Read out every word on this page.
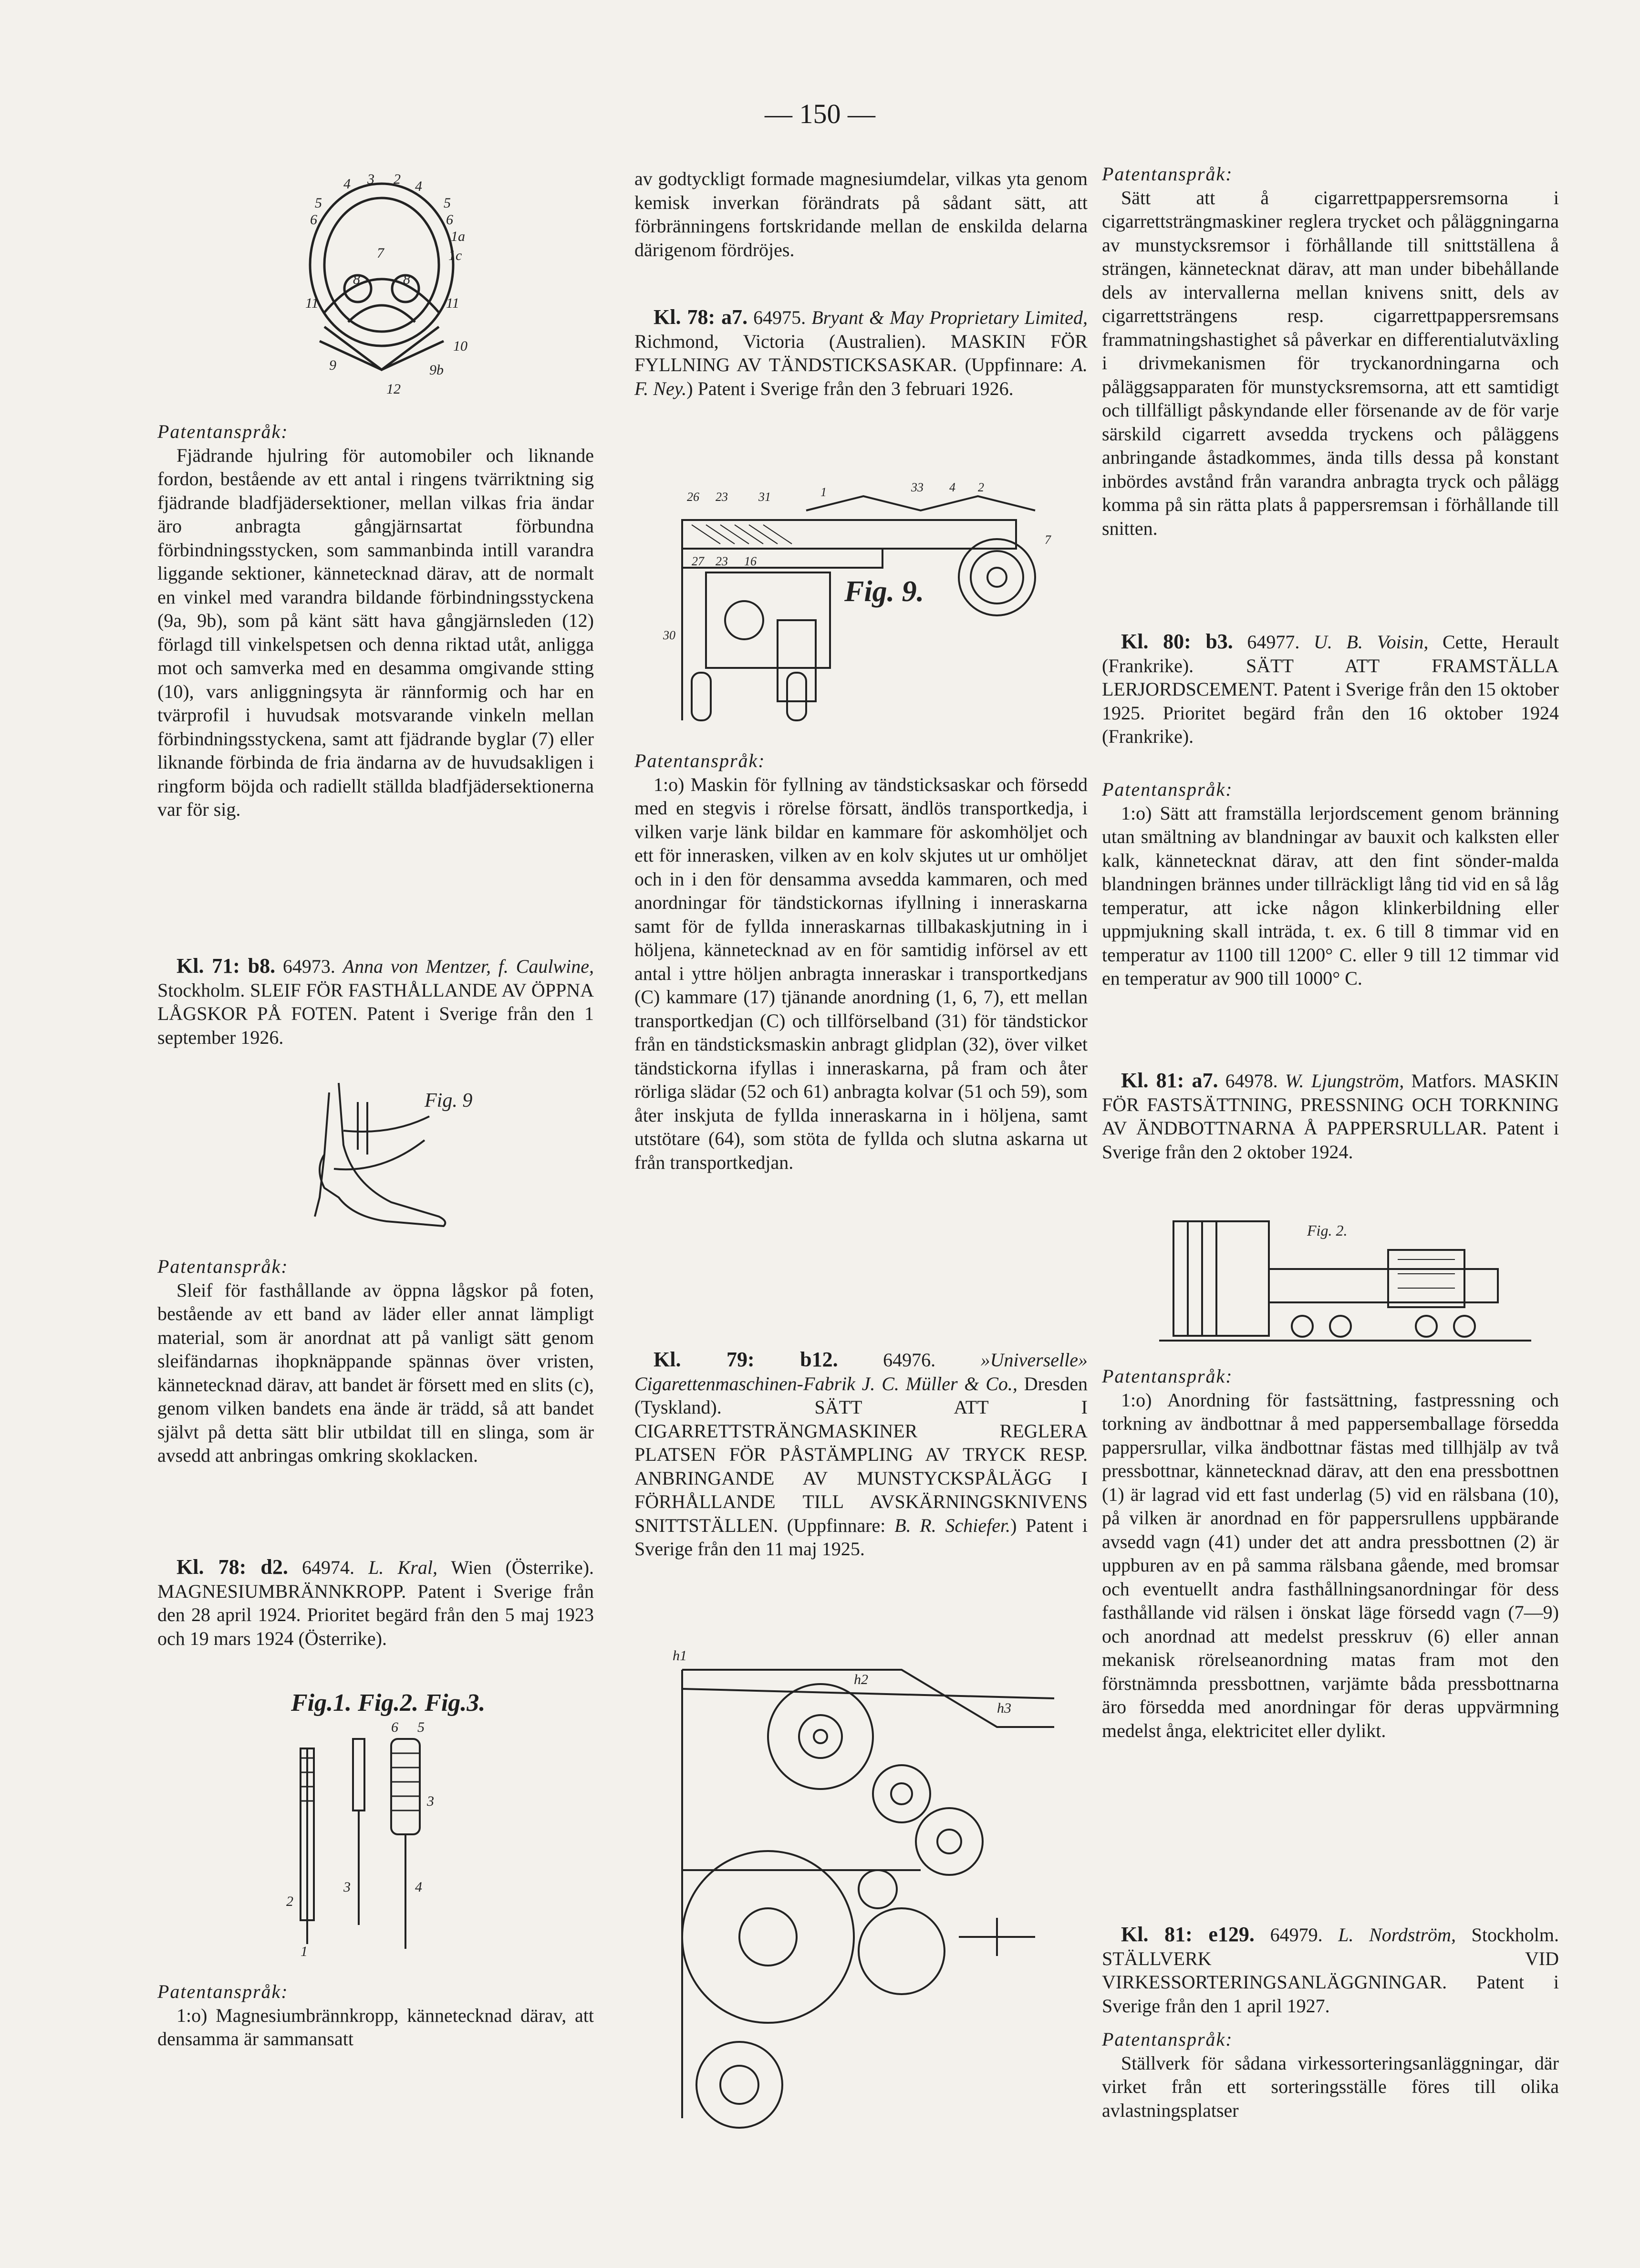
— 150 —
4 3 2 4
5	5
6	6
1a
7	1c
8	8
11	11
10
9	9b
12

Patentanspråk:

Fjädrande hjulring för automobiler och liknande fordon, bestående av ett antal i ringens tvärriktning sig fjädrande bladfjädersektioner, mellan vilkas fria ändar äro anbragta gångjärnsartat förbundna förbindningsstycken, som sammanbinda intill varandra liggande sektioner, kännetecknad därav, att de normalt en vinkel med varandra bildande förbindningsstyckena (9a, 9b), som på känt sätt hava gångjärnsleden (12) förlagd till vinkelspetsen och denna riktad utåt, anligga mot och samverka med en desamma omgivande stting (10), vars anliggningsyta är rännformig och har en tvärprofil i huvudsak motsvarande vinkeln mellan förbindningsstyckena, samt att fjädrande byglar (7) eller liknande förbinda de fria ändarna av de huvudsakligen i ringform böjda och radiellt ställda bladfjädersektionerna var för sig.

Kl. 71: b8. 64973. Anna von Mentzer, f. Caulwine, Stockholm. SLEIF FÖR FASTHÅLLANDE AV ÖPPNA LÅGSKOR PÅ FOTEN. Patent i Sverige från den 1 september 1926.

Fig. 9

Patentanspråk:

Sleif för fasthållande av öppna lågskor på foten, bestående av ett band av läder eller annat lämpligt material, som är anordnat att på vanligt sätt genom sleifändarnas ihopknäppande spännas över vristen, kännetecknad därav, att bandet är försett med en slits (c), genom vilken bandets ena ände är trädd, så att bandet självt på detta sätt blir utbildat till en slinga, som är avsedd att anbringas omkring skoklacken.

Kl. 78: d2. 64974. L. Kral, Wien (Österrike). MAGNESIUMBRÄNNKROPP. Patent i Sverige från den 28 april 1924. Prioritet begärd från den 5 maj 1923 och 19 mars 1924 (Österrike).

Fig.1. Fig.2. Fig.3.
6 5
3
2
3	4
1

Patentanspråk:

1:o) Magnesiumbrännkropp, kännetecknad därav, att densamma är sammansatt

av godtyckligt formade magnesiumdelar, vilkas yta genom kemisk inverkan förändrats på sådant sätt, att förbränningens fortskridande mellan de enskilda delarna därigenom fördröjes.

Kl. 78: a7. 64975. Bryant & May Proprietary Limited, Richmond, Victoria (Australien). MASKIN FÖR FYLLNING AV TÄNDSTICKSASKAR. (Uppfinnare: A. F. Ney.) Patent i Sverige från den 3 februari 1926.

26 23 31	1	33 4 2
7
27 23 16
30
Fig. 9.

Patentanspråk:

1:o) Maskin för fyllning av tändsticksaskar och försedd med en stegvis i rörelse försatt, ändlös transportkedja, i vilken varje länk bildar en kammare för askomhöljet och ett för innerasken, vilken av en kolv skjutes ut ur omhöljet och in i den för densamma avsedda kammaren, och med anordningar för tändstickornas ifyllning i inneraskarna samt för de fyllda inneraskarnas tillbakaskjutning in i höljena, kännetecknad av en för samtidig införsel av ett antal i yttre höljen anbragta inneraskar i transportkedjans (C) kammare (17) tjänande anordning (1, 6, 7), ett mellan transportkedjan (C) och tillförselband (31) för tändstickor från en tändsticksmaskin anbragt glidplan (32), över vilket tändstickorna ifyllas i inneraskarna, på fram och åter rörliga slädar (52 och 61) anbragta kolvar (51 och 59), som åter inskjuta de fyllda inneraskarna in i höljena, samt utstötare (64), som stöta de fyllda och slutna askarna ut från transportkedjan.

Kl. 79: b12. 64976. »Universelle» Cigarettenmaschinen-Fabrik J. C. Müller & Co., Dresden (Tyskland). SÄTT ATT I CIGARRETTSTRÄNGMASKINER REGLERA PLATSEN FÖR PÅSTÄMPLING AV TRYCK RESP. ANBRINGANDE AV MUNSTYCKSPÅLÄGG I FÖRHÅLLANDE TILL AVSKÄRNINGSKNIVENS SNITTSTÄLLEN. (Uppfinnare: B. R. Schiefer.) Patent i Sverige från den 11 maj 1925.

h1
h2
h3

Patentanspråk:

Sätt att å cigarrettpappersremsorna i cigarrettsträngmaskiner reglera trycket och påläggningarna av munstycksremsor i förhållande till snittställena å strängen, kännetecknat därav, att man under bibehållande dels av intervallerna mellan knivens snitt, dels av cigarrettsträngens resp. cigarrettpappersremsans frammatningshastighet så påverkar en differentialutväxling i drivmekanismen för tryckanordningarna och påläggsapparaten för munstycksremsorna, att ett samtidigt och tillfälligt påskyndande eller försenande av de för varje särskild cigarrett avsedda tryckens och påläggens anbringande åstadkommes, ända tills dessa på konstant inbördes avstånd från varandra anbragta tryck och pålägg komma på sin rätta plats å pappersremsan i förhållande till snitten.

Kl. 80: b3. 64977. U. B. Voisin, Cette, Herault (Frankrike). SÄTT ATT FRAMSTÄLLA LERJORDSCEMENT. Patent i Sverige från den 15 oktober 1925. Prioritet begärd från den 16 oktober 1924 (Frankrike).

Patentanspråk:

1:o) Sätt att framställa lerjordscement genom bränning utan smältning av blandningar av bauxit och kalksten eller kalk, kännetecknat därav, att den fint sönder-malda blandningen brännes under tillräckligt lång tid vid en så låg temperatur, att icke någon klinkerbildning eller uppmjukning skall inträda, t. ex. 6 till 8 timmar vid en temperatur av 1100 till 1200° C. eller 9 till 12 timmar vid en temperatur av 900 till 1000° C.

Kl. 81: a7. 64978. W. Ljungström, Matfors. MASKIN FÖR FASTSÄTTNING, PRESSNING OCH TORKNING AV ÄNDBOTTNARNA Å PAPPERSRULLAR. Patent i Sverige från den 2 oktober 1924.

Fig. 2.

Patentanspråk:

1:o) Anordning för fastsättning, fastpressning och torkning av ändbottnar å med pappersemballage försedda pappersrullar, vilka ändbottnar fästas med tillhjälp av två pressbottnar, kännetecknad därav, att den ena pressbottnen (1) är lagrad vid ett fast underlag (5) vid en rälsbana (10), på vilken är anordnad en för pappersrullens uppbärande avsedd vagn (41) under det att andra pressbottnen (2) är uppburen av en på samma rälsbana gående, med bromsar och eventuellt andra fasthållningsanordningar för dess fasthållande vid rälsen i önskat läge försedd vagn (7—9) och anordnad att medelst presskruv (6) eller annan mekanisk rörelseanordning matas fram mot den förstnämnda pressbottnen, varjämte båda pressbottnarna äro försedda med anordningar för deras uppvärmning medelst ånga, elektricitet eller dylikt.

Kl. 81: e129. 64979. L. Nordström, Stockholm. STÄLLVERK VID VIRKESSORTERINGSANLÄGGNINGAR. Patent i Sverige från den 1 april 1927.

Patentanspråk:

Ställverk för sådana virkessorteringsanläggningar, där virket från ett sorteringsställe föres till olika avlastningsplatser
